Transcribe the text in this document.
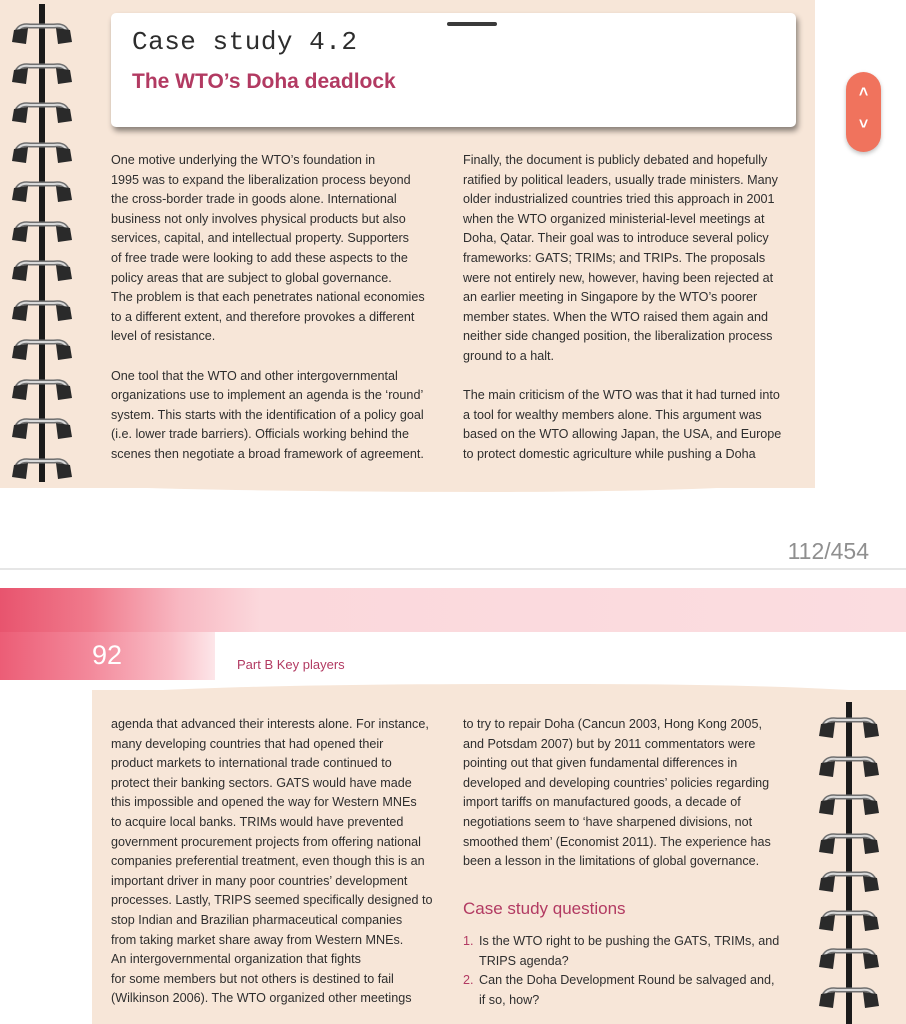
Case study 4.2
The WTO’s Doha deadlock

One motive underlying the WTO’s foundation in
1995 was to expand the liberalization process beyond
the cross-border trade in goods alone. International
business not only involves physical products but also
services, capital, and intellectual property. Supporters
of free trade were looking to add these aspects to the
policy areas that are subject to global governance.
The problem is that each penetrates national economies
to a different extent, and therefore provokes a different
level of resistance.

One tool that the WTO and other intergovernmental
organizations use to implement an agenda is the ‘round’
system. This starts with the identification of a policy goal
(i.e. lower trade barriers). Officials working behind the
scenes then negotiate a broad framework of agreement.

Finally, the document is publicly debated and hopefully
ratified by political leaders, usually trade ministers. Many
older industrialized countries tried this approach in 2001
when the WTO organized ministerial-level meetings at
Doha, Qatar. Their goal was to introduce several policy
frameworks: GATS; TRIMs; and TRIPs. The proposals
were not entirely new, however, having been rejected at
an earlier meeting in Singapore by the WTO’s poorer
member states. When the WTO raised them again and
neither side changed position, the liberalization process
ground to a halt.

The main criticism of the WTO was that it had turned into
a tool for wealthy members alone. This argument was
based on the WTO allowing Japan, the USA, and Europe
to protect domestic agriculture while pushing a Doha

˄
˅
112/454
92	Part B Key players

agenda that advanced their interests alone. For instance,
many developing countries that had opened their
product markets to international trade continued to
protect their banking sectors. GATS would have made
this impossible and opened the way for Western MNEs
to acquire local banks. TRIMs would have prevented
government procurement projects from offering national
companies preferential treatment, even though this is an
important driver in many poor countries’ development
processes. Lastly, TRIPS seemed specifically designed to
stop Indian and Brazilian pharmaceutical companies
from taking market share away from Western MNEs.
An intergovernmental organization that fights
for some members but not others is destined to fail
(Wilkinson 2006). The WTO organized other meetings

to try to repair Doha (Cancun 2003, Hong Kong 2005,
and Potsdam 2007) but by 2011 commentators were
pointing out that given fundamental differences in
developed and developing countries’ policies regarding
import tariffs on manufactured goods, a decade of
negotiations seem to ‘have sharpened divisions, not
smoothed them’ (Economist 2011). The experience has
been a lesson in the limitations of global governance.

Case study questions
1. Is the WTO right to be pushing the GATS, TRIMs, and
TRIPS agenda?
2. Can the Doha Development Round be salvaged and,
if so, how?
